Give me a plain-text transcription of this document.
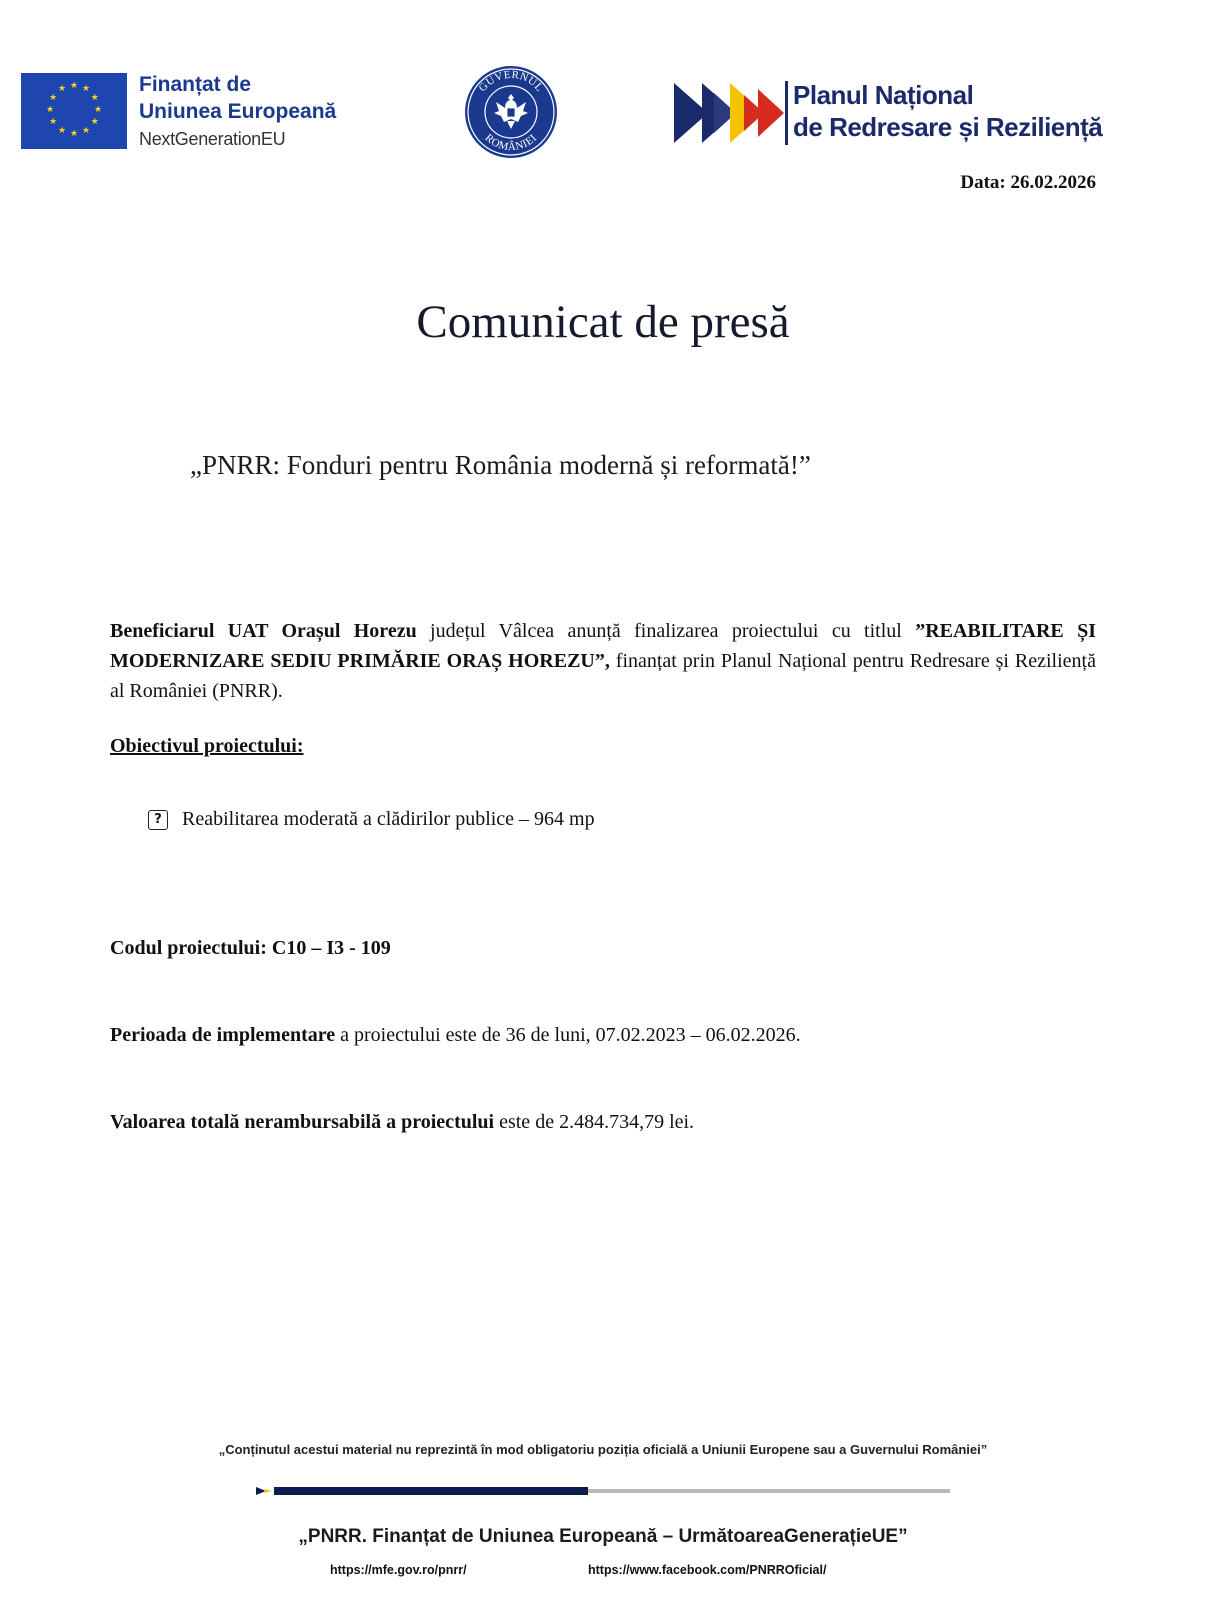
★ ★
★
★
★
★
★
★
★
★
★
★	Finanțat de
Uniunea Europeană
NextGenerationEU
GUVERNUL
ROMÂNIEI
Planul Național
de Redresare și Reziliență
Data: 26.02.2026
Comunicat de presă
„PNRR: Fonduri pentru România modernă și reformată!”
Beneficiarul UAT Orașul Horezu județul Vâlcea anunță finalizarea proiectului cu titlul ”REABILITARE ȘI MODERNIZARE SEDIU PRIMĂRIE ORAȘ HOREZU”, finanțat prin Planul Național pentru Redresare și Reziliență al României (PNRR).
Obiectivul proiectului:
?	Reabilitarea moderată a clădirilor publice – 964 mp
Codul proiectului: C10 – I3 - 109
Perioada de implementare a proiectului este de 36 de luni, 07.02.2023 – 06.02.2026.
Valoarea totală nerambursabilă a proiectului este de 2.484.734,79 lei.
„Conținutul acestui material nu reprezintă în mod obligatoriu poziția oficială a Uniunii Europene sau a Guvernului României”
„PNRR. Finanțat de Uniunea Europeană – UrmătoareaGenerațieUE”
https://mfe.gov.ro/pnrr/	https://www.facebook.com/PNRROficial/
